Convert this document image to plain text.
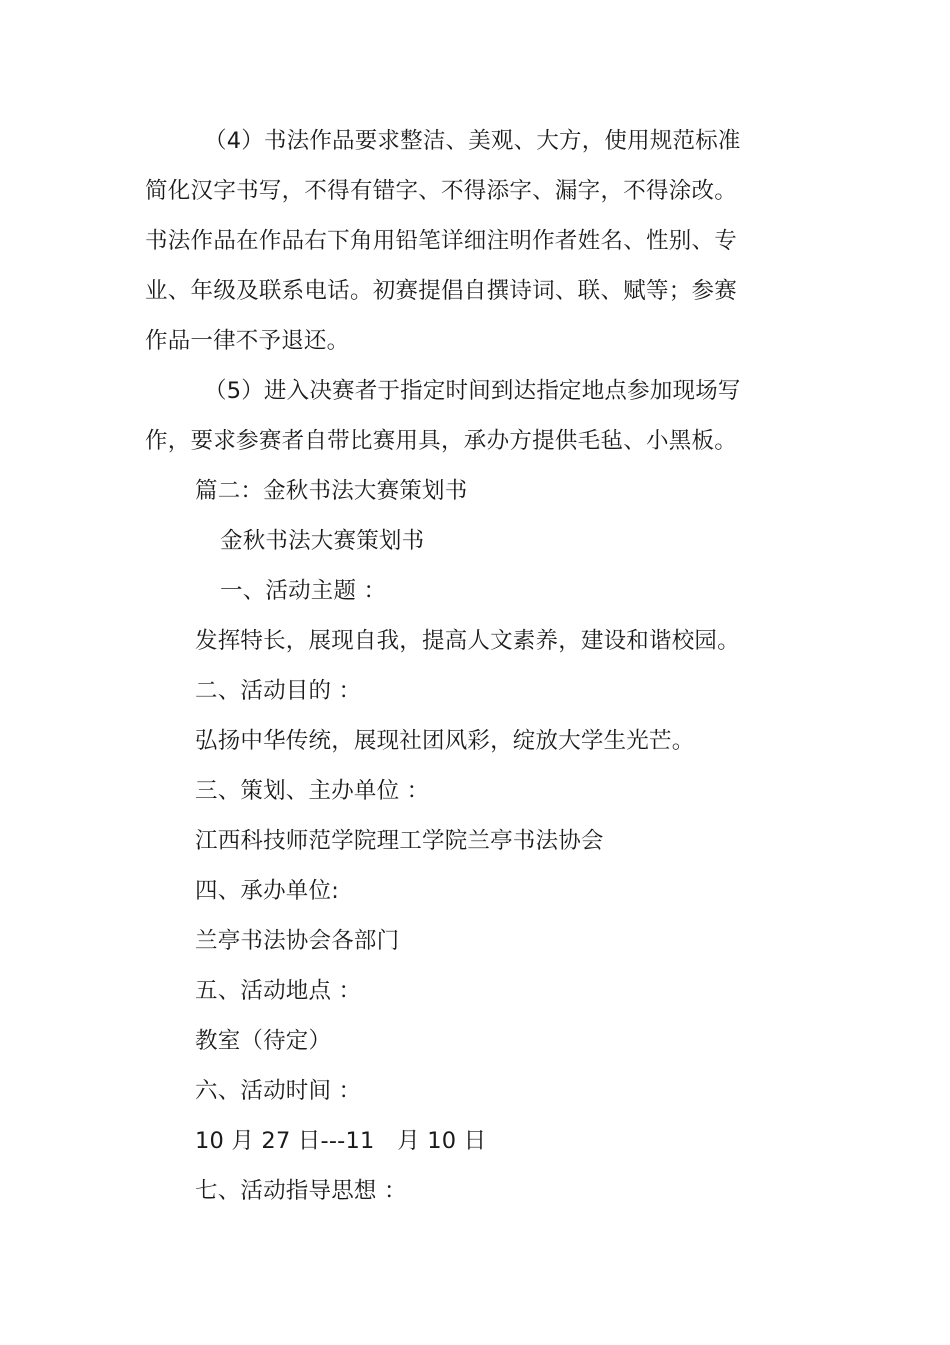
（4）书法作品要求整洁、美观、大方，使用规范标准
简化汉字书写，不得有错字、不得添字、漏字，不得涂改。
书法作品在作品右下角用铅笔详细注明作者姓名、性别、专
业、年级及联系电话。初赛提倡自撰诗词、联、赋等；参赛
作品一律不予退还。
（5）进入决赛者于指定时间到达指定地点参加现场写
作，要求参赛者自带比赛用具，承办方提供毛毡、小黑板。
篇二：金秋书法大赛策划书
金秋书法大赛策划书
一、活动主题 ：
发挥特长，展现自我，提高人文素养，建设和谐校园。
二、活动目的 ：
弘扬中华传统，展现社团风彩，绽放大学生光芒。
三、策划、主办单位 ：
江西科技师范学院理工学院兰亭书法协会
四、承办单位:
兰亭书法协会各部门
五、活动地点 ：
教室（待定）
六、活动时间 ：
10 月 27 日---11　月 10 日
七、活动指导思想 ：
